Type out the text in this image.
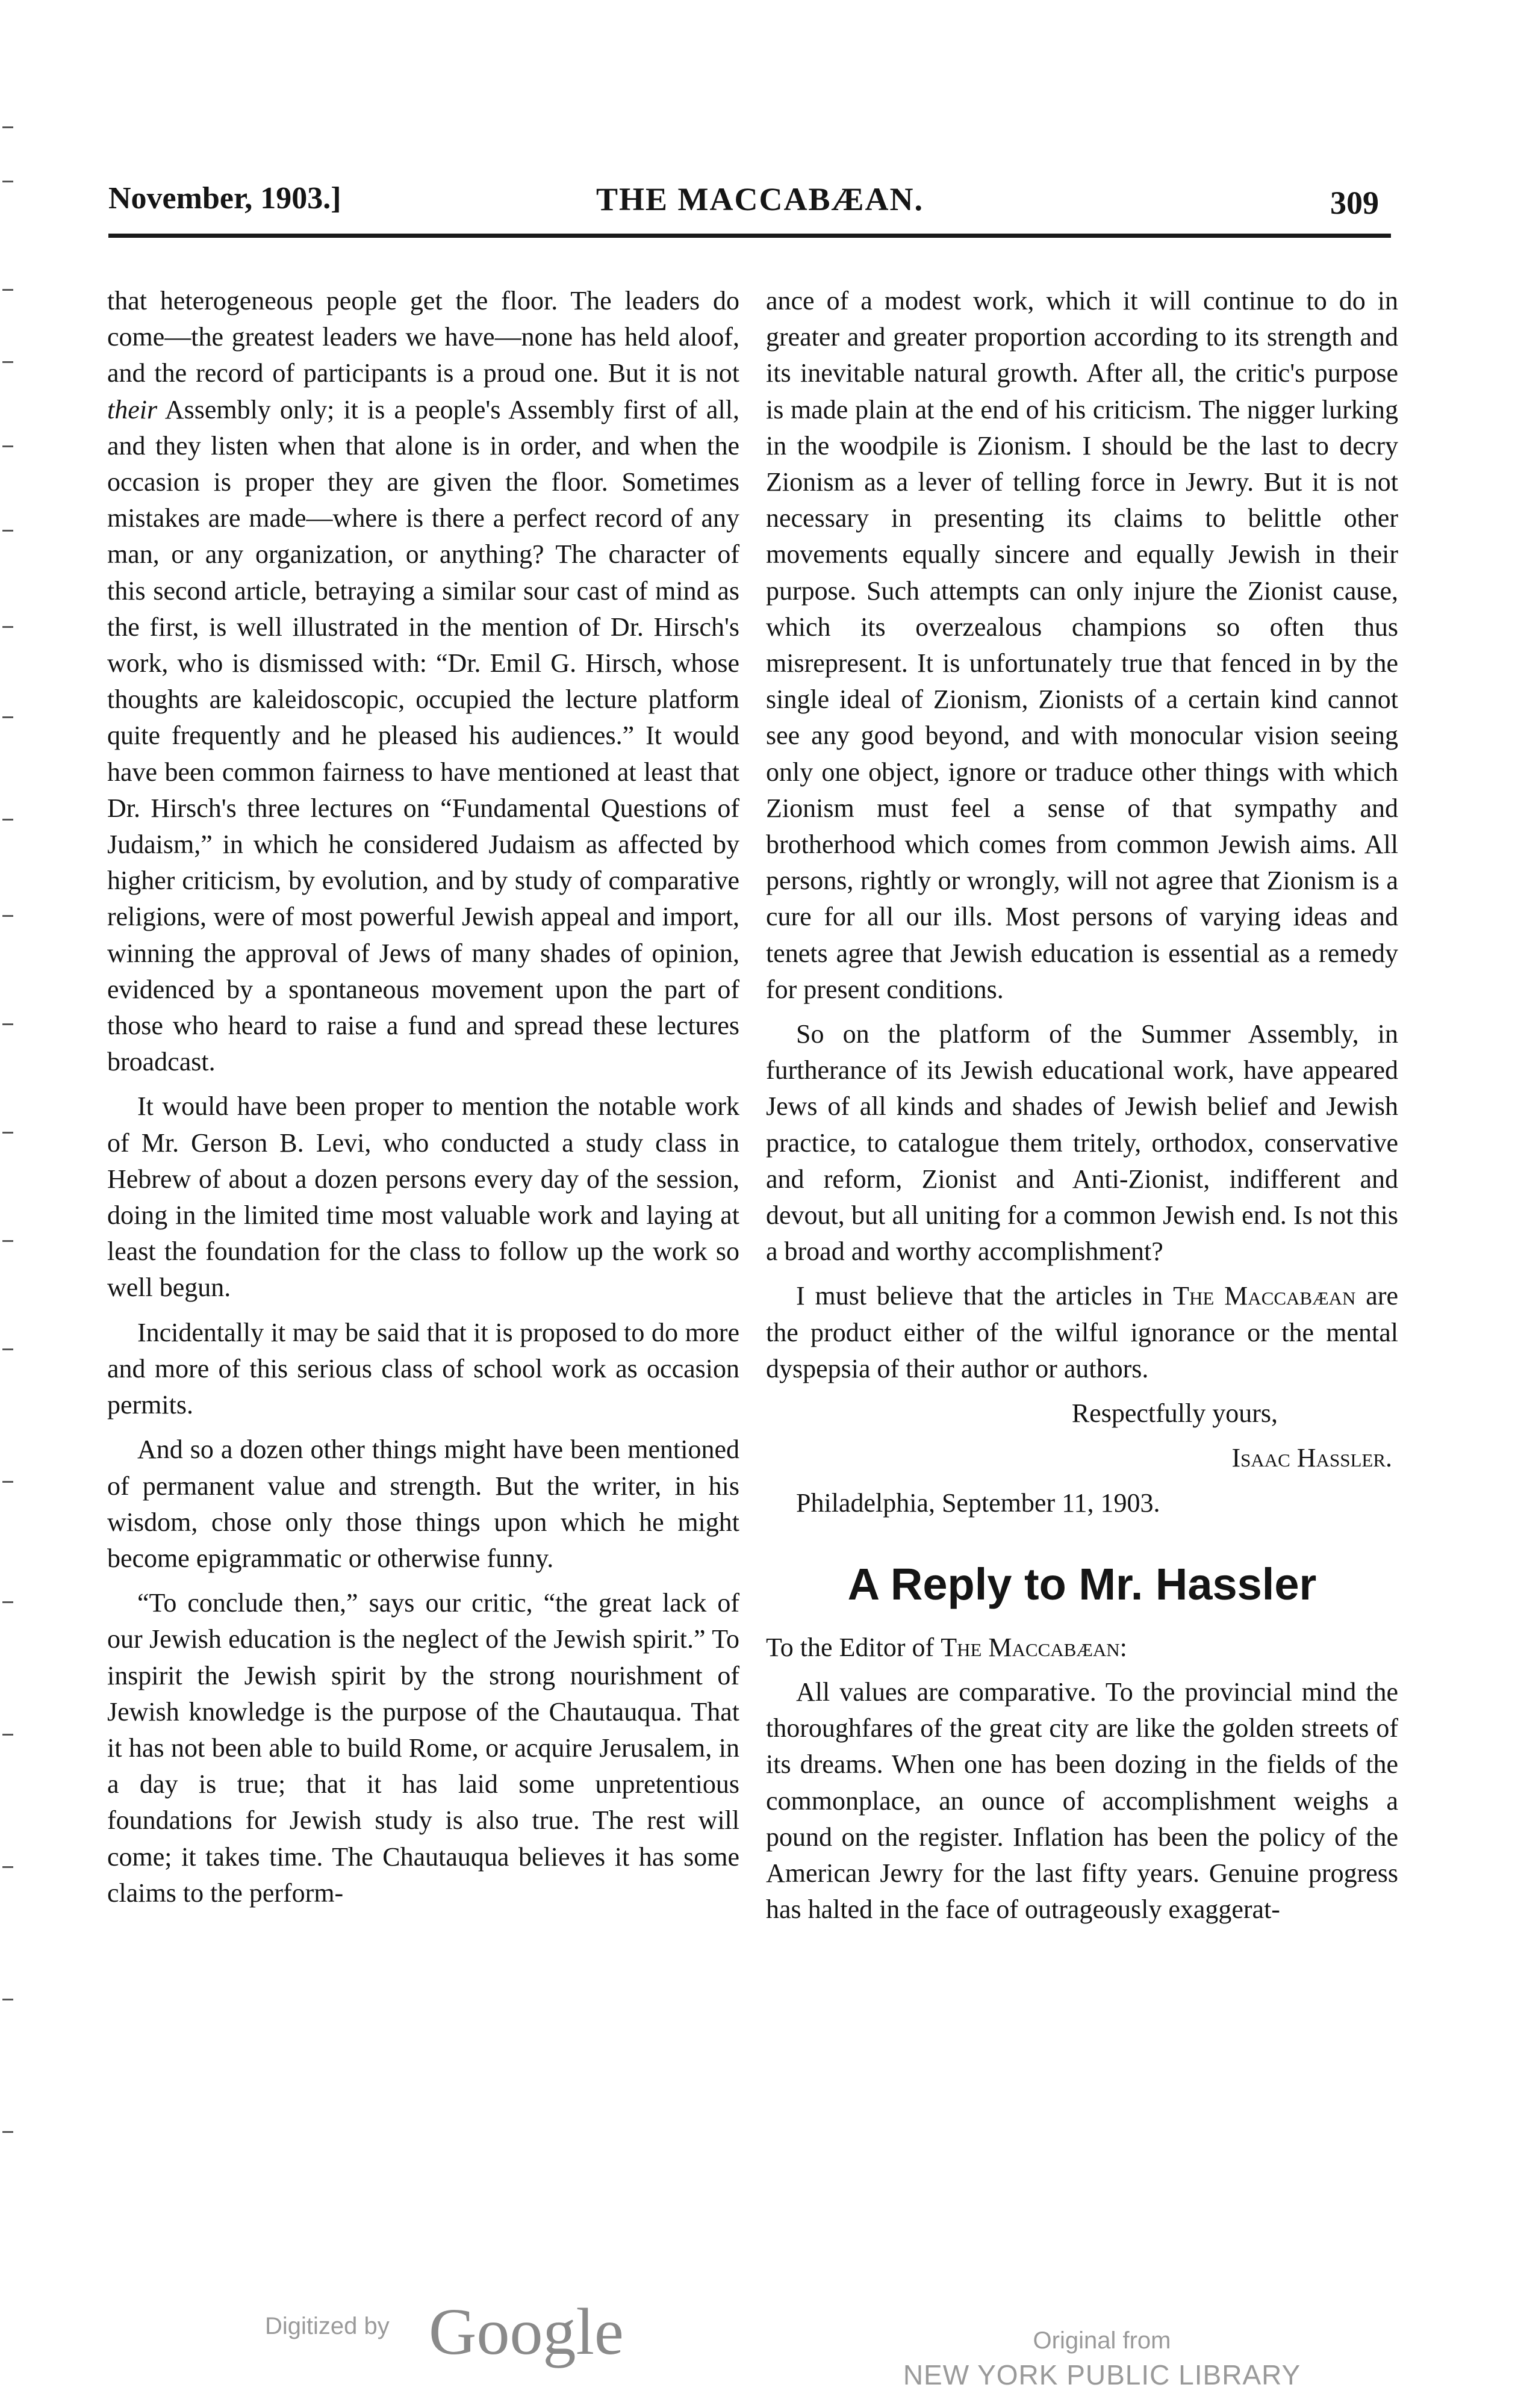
November, 1903.]	THE MACCABÆAN.	309

that heterogeneous people get the floor. The leaders do come—the greatest leaders we have—none has held aloof, and the record of participants is a proud one. But it is not their Assembly only; it is a people's Assembly first of all, and they listen when that alone is in order, and when the occasion is proper they are given the floor. Sometimes mistakes are made—where is there a perfect record of any man, or any organization, or anything? The character of this second article, betraying a similar sour cast of mind as the first, is well illustrated in the mention of Dr. Hirsch's work, who is dismissed with: “Dr. Emil G. Hirsch, whose thoughts are kaleidoscopic, occupied the lecture platform quite frequently and he pleased his audiences.” It would have been common fairness to have mentioned at least that Dr. Hirsch's three lectures on “Fundamental Questions of Judaism,” in which he considered Judaism as affected by higher criticism, by evolution, and by study of comparative religions, were of most powerful Jewish appeal and import, winning the approval of Jews of many shades of opinion, evidenced by a spontaneous movement upon the part of those who heard to raise a fund and spread these lectures broadcast.

It would have been proper to mention the notable work of Mr. Gerson B. Levi, who conducted a study class in Hebrew of about a dozen persons every day of the session, doing in the limited time most valuable work and laying at least the foundation for the class to follow up the work so well begun.

Incidentally it may be said that it is proposed to do more and more of this serious class of school work as occasion permits.

And so a dozen other things might have been mentioned of permanent value and strength. But the writer, in his wisdom, chose only those things upon which he might become epigrammatic or otherwise funny.

“To conclude then,” says our critic, “the great lack of our Jewish education is the neglect of the Jewish spirit.” To inspirit the Jewish spirit by the strong nourishment of Jewish knowledge is the purpose of the Chautauqua. That it has not been able to build Rome, or acquire Jerusalem, in a day is true; that it has laid some unpretentious foundations for Jewish study is also true. The rest will come; it takes time. The Chautauqua believes it has some claims to the perform-

ance of a modest work, which it will continue to do in greater and greater proportion according to its strength and its inevitable natural growth. After all, the critic's purpose is made plain at the end of his criticism. The nigger lurking in the woodpile is Zionism. I should be the last to decry Zionism as a lever of telling force in Jewry. But it is not necessary in presenting its claims to belittle other movements equally sincere and equally Jewish in their purpose. Such attempts can only injure the Zionist cause, which its overzealous champions so often thus misrepresent. It is unfortunately true that fenced in by the single ideal of Zionism, Zionists of a certain kind cannot see any good beyond, and with monocular vision seeing only one object, ignore or traduce other things with which Zionism must feel a sense of that sympathy and brotherhood which comes from common Jewish aims. All persons, rightly or wrongly, will not agree that Zionism is a cure for all our ills. Most persons of varying ideas and tenets agree that Jewish education is essential as a remedy for present conditions.

So on the platform of the Summer Assembly, in furtherance of its Jewish educational work, have appeared Jews of all kinds and shades of Jewish belief and Jewish practice, to catalogue them tritely, orthodox, conservative and reform, Zionist and Anti-Zionist, indifferent and devout, but all uniting for a common Jewish end. Is not this a broad and worthy accomplishment?

I must believe that the articles in The Maccabæan are the product either of the wilful ignorance or the mental dyspepsia of their author or authors.

Respectfully yours,

Isaac Hassler.

Philadelphia, September 11, 1903.

A Reply to Mr. Hassler

To the Editor of The Maccabæan:

All values are comparative. To the provincial mind the thoroughfares of the great city are like the golden streets of its dreams. When one has been dozing in the fields of the commonplace, an ounce of accomplishment weighs a pound on the register. Inflation has been the policy of the American Jewry for the last fifty years. Genuine progress has halted in the face of outrageously exaggerat-

Digitized by Google	Original from
NEW YORK PUBLIC LIBRARY
